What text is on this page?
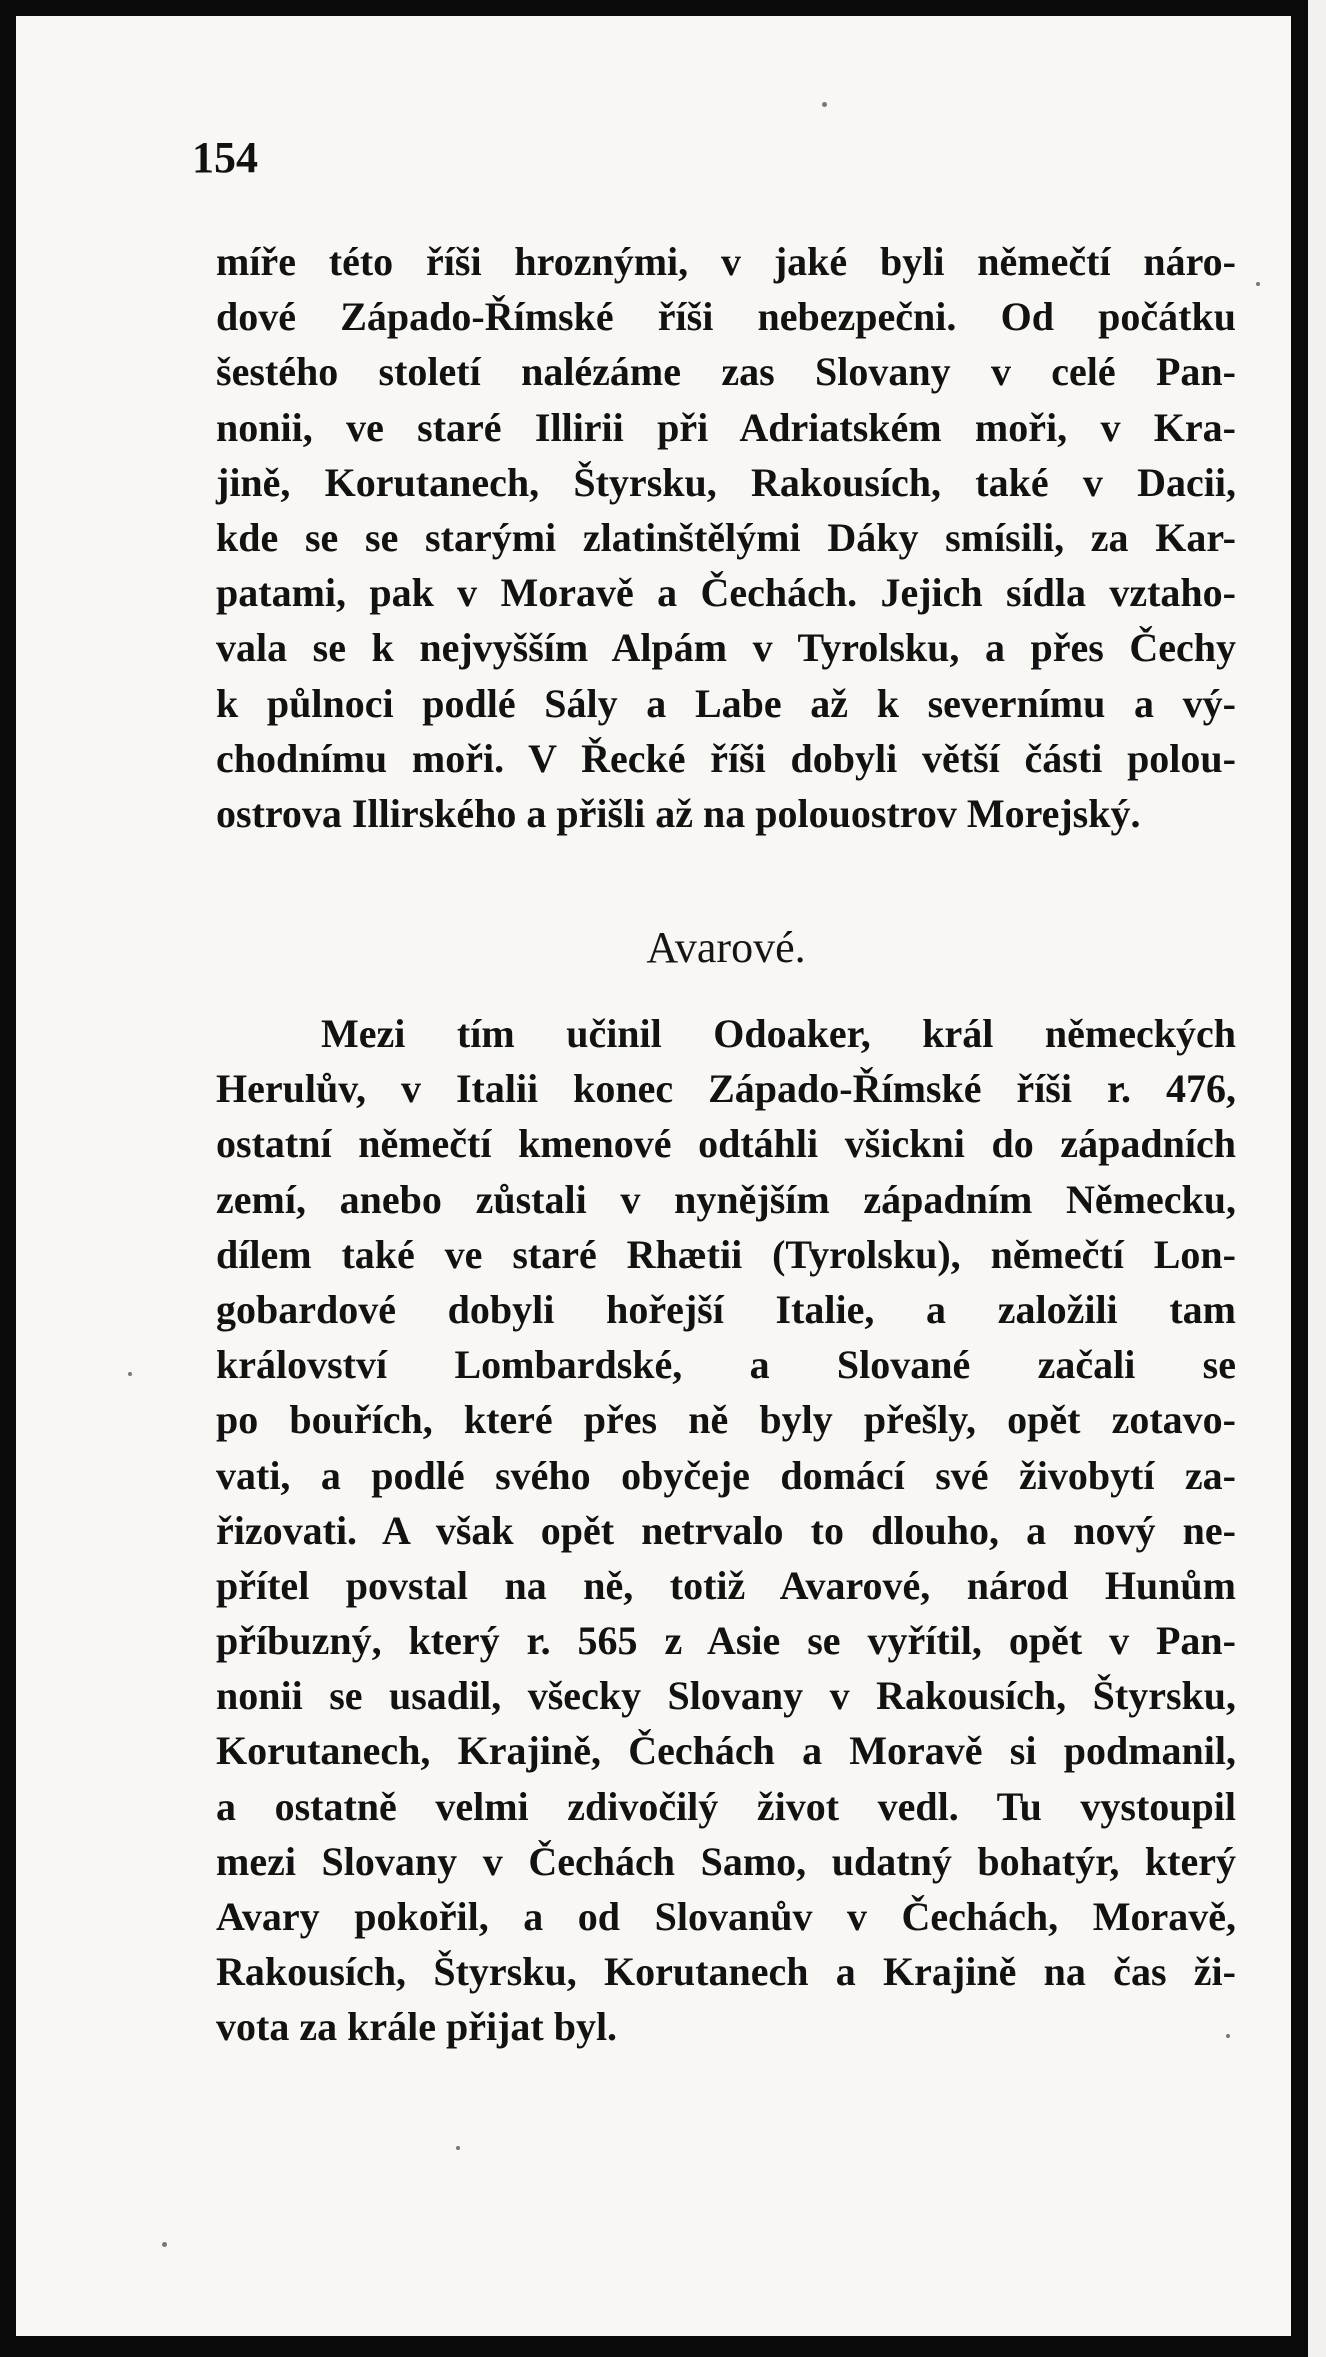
154
míře této říši hroznými, v jaké byli němečtí náro-
dové Západo-Římské říši nebezpečni. Od počátku
šestého století nalézáme zas Slovany v celé Pan-
nonii, ve staré Illirii při Adriatském moři, v Kra-
jině, Korutanech, Štyrsku, Rakousích, také v Dacii,
kde se se starými zlatinštělými Dáky smísili, za Kar-
patami, pak v Moravě a Čechách. Jejich sídla vztaho-
vala se k nejvyšším Alpám v Tyrolsku, a přes Čechy
k půlnoci podlé Sály a Labe až k severnímu a vý-
chodnímu moři. V Řecké říši dobyli větší části polou-
ostrova Illirského a přišli až na polouostrov Morejský.
Avarové.
Mezi tím učinil Odoaker, král německých
Herulův, v Italii konec Západo-Římské říši r. 476,
ostatní němečtí kmenové odtáhli všickni do západních
zemí, anebo zůstali v nynějším západním Německu,
dílem také ve staré Rhætii (Tyrolsku), němečtí Lon-
gobardové dobyli hořejší Italie, a založili tam
království Lombardské, a Slované začali se
po bouřích, které přes ně byly přešly, opět zotavo-
vati, a podlé svého obyčeje domácí své živobytí za-
řizovati. A však opět netrvalo to dlouho, a nový ne-
přítel povstal na ně, totiž Avarové, národ Hunům
příbuzný, který r. 565 z Asie se vyřítil, opět v Pan-
nonii se usadil, všecky Slovany v Rakousích, Štyrsku,
Korutanech, Krajině, Čechách a Moravě si podmanil,
a ostatně velmi zdivočilý život vedl. Tu vystoupil
mezi Slovany v Čechách Samo, udatný bohatýr, který
Avary pokořil, a od Slovanův v Čechách, Moravě,
Rakousích, Štyrsku, Korutanech a Krajině na čas ži-
vota za krále přijat byl.
